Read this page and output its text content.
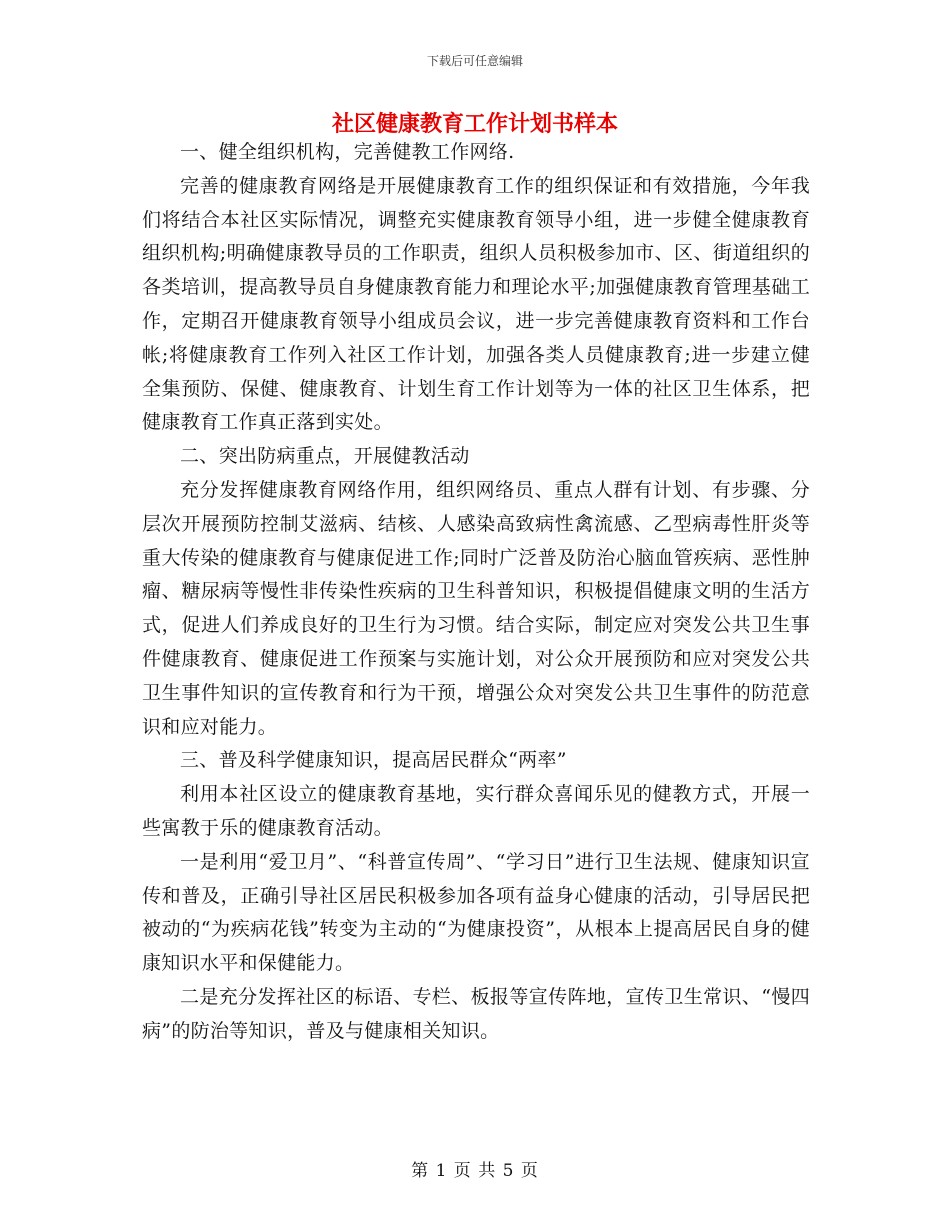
下载后可任意编辑
社区健康教育工作计划书样本

一、健全组织机构，完善健教工作网络.

完善的健康教育网络是开展健康教育工作的组织保证和有效措施，今年我们将结合本社区实际情况，调整充实健康教育领导小组，进一步健全健康教育组织机构;明确健康教导员的工作职责，组织人员积极参加市、区、街道组织的各类培训，提高教导员自身健康教育能力和理论水平;加强健康教育管理基础工作，定期召开健康教育领导小组成员会议，进一步完善健康教育资料和工作台帐;将健康教育工作列入社区工作计划，加强各类人员健康教育;进一步建立健全集预防、保健、健康教育、计划生育工作计划等为一体的社区卫生体系，把健康教育工作真正落到实处。

二、突出防病重点，开展健教活动

充分发挥健康教育网络作用，组织网络员、重点人群有计划、有步骤、分层次开展预防控制艾滋病、结核、人感染高致病性禽流感、乙型病毒性肝炎等重大传染的健康教育与健康促进工作;同时广泛普及防治心脑血管疾病、恶性肿瘤、糖尿病等慢性非传染性疾病的卫生科普知识，积极提倡健康文明的生活方式，促进人们养成良好的卫生行为习惯。结合实际，制定应对突发公共卫生事件健康教育、健康促进工作预案与实施计划，对公众开展预防和应对突发公共卫生事件知识的宣传教育和行为干预，增强公众对突发公共卫生事件的防范意识和应对能力。

三、普及科学健康知识，提高居民群众“两率”

利用本社区设立的健康教育基地，实行群众喜闻乐见的健教方式，开展一些寓教于乐的健康教育活动。

一是利用“爱卫月”、“科普宣传周”、“学习日”进行卫生法规、健康知识宣传和普及，正确引导社区居民积极参加各项有益身心健康的活动，引导居民把被动的“为疾病花钱”转变为主动的“为健康投资”，从根本上提高居民自身的健康知识水平和保健能力。

二是充分发挥社区的标语、专栏、板报等宣传阵地，宣传卫生常识、“慢四病”的防治等知识，普及与健康相关知识。

第 1 页 共 5 页
